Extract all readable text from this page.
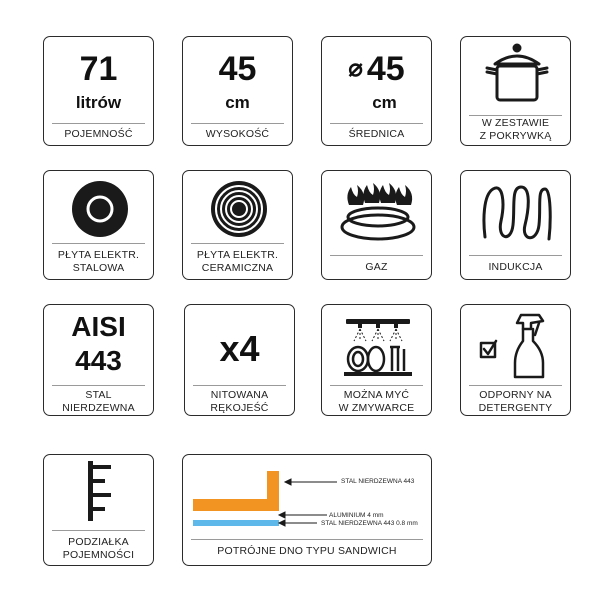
71
litrów
POJEMNOŚĆ
45
cm
WYSOKOŚĆ
⌀ 45
cm
ŚREDNICA
W ZESTAWIE
Z POKRYWKĄ
PŁYTA ELEKTR.
STALOWA
PŁYTA ELEKTR.
CERAMICZNA	GAZ	INDUKCJA
AISI
443
STAL
NIERDZEWNA
x4
NITOWANA
RĘKOJEŚĆ
MOŻNA MYĆ
W ZMYWARCE
ODPORNY NA
DETERGENTY
PODZIAŁKA
POJEMNOŚCI
STAL NIERDZEWNA 443
ALUMINIUM 4 mm
STAL NIERDZEWNA 443 0.8 mm
POTRÓJNE DNO TYPU SANDWICH
